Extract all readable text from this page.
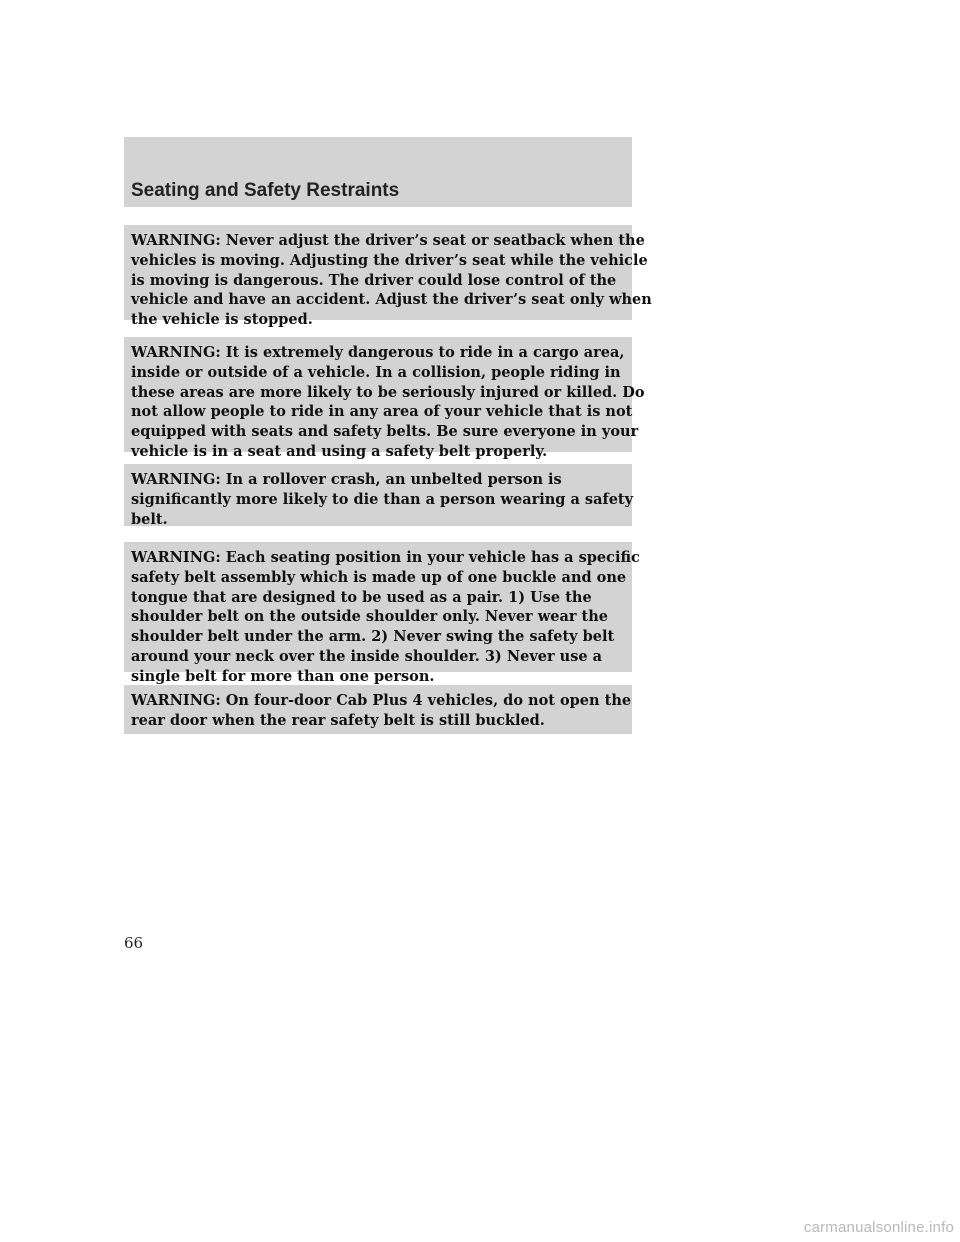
Seating and Safety Restraints
WARNING: Never adjust the driver’s seat or seatback when the
vehicles is moving. Adjusting the driver’s seat while the vehicle
is moving is dangerous. The driver could lose control of the
vehicle and have an accident. Adjust the driver’s seat only when
the vehicle is stopped.
WARNING: It is extremely dangerous to ride in a cargo area,
inside or outside of a vehicle. In a collision, people riding in
these areas are more likely to be seriously injured or killed. Do
not allow people to ride in any area of your vehicle that is not
equipped with seats and safety belts. Be sure everyone in your
vehicle is in a seat and using a safety belt properly.
WARNING: In a rollover crash, an unbelted person is
significantly more likely to die than a person wearing a safety
belt.
WARNING: Each seating position in your vehicle has a specific
safety belt assembly which is made up of one buckle and one
tongue that are designed to be used as a pair. 1) Use the
shoulder belt on the outside shoulder only. Never wear the
shoulder belt under the arm. 2) Never swing the safety belt
around your neck over the inside shoulder. 3) Never use a
single belt for more than one person.
WARNING: On four-door Cab Plus 4 vehicles, do not open the
rear door when the rear safety belt is still buckled.

66

carmanualsonline.info
